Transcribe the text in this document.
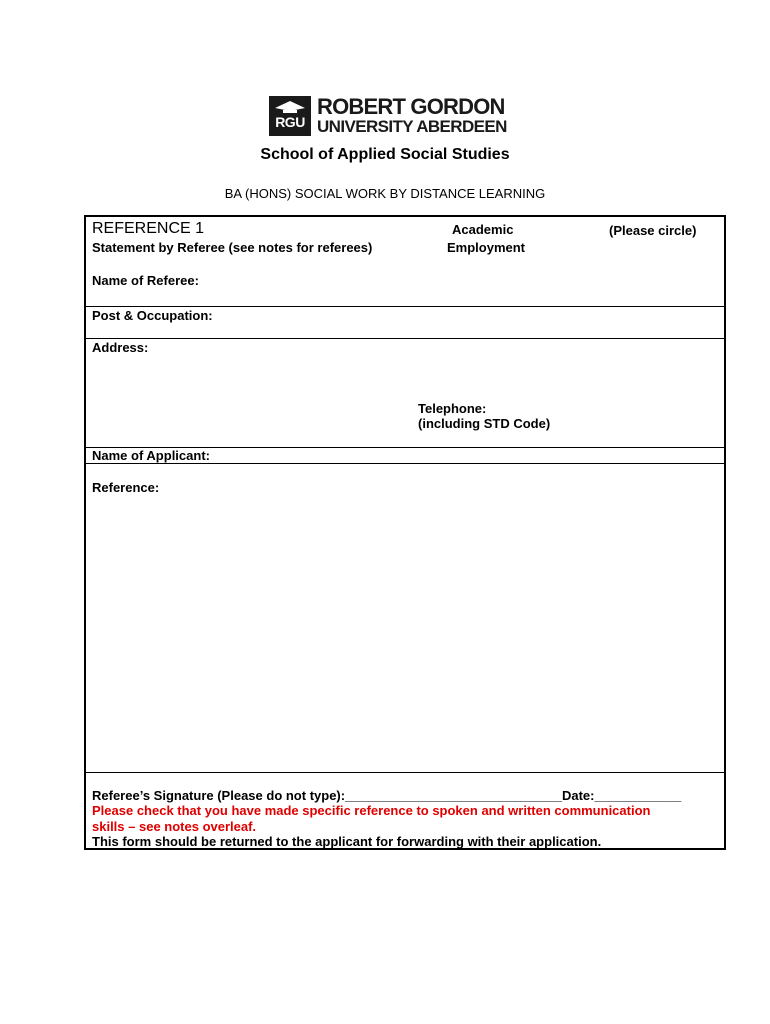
RGU
ROBERT GORDON
UNIVERSITY ABERDEEN
School of Applied Social Studies
BA (HONS) SOCIAL WORK BY DISTANCE LEARNING
REFERENCE 1
Statement by Referee (see notes for referees)
Academic
Employment
(Please circle)
Name of Referee:
Post & Occupation:
Address:
Telephone:
(including STD Code)
Name of Applicant:
Reference:
Referee’s Signature (Please do not type):______________________________Date:____________
Please check that you have made specific reference to spoken and written communication
skills – see notes overleaf.
This form should be returned to the applicant for forwarding with their application.
